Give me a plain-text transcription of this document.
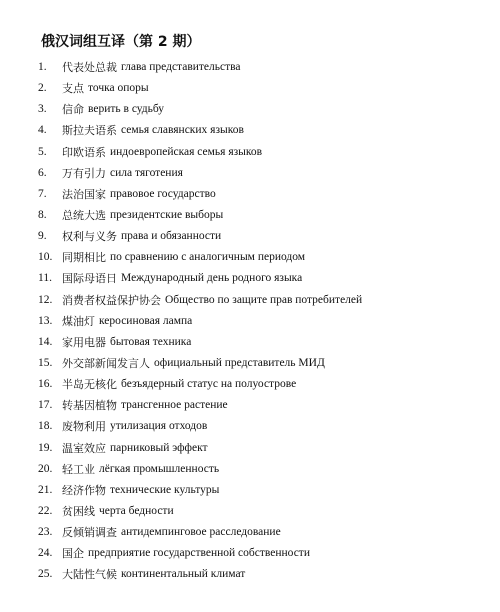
俄汉词组互译（第 2 期）
1.	代表处总裁 глава представительства
2.	支点 точка опоры
3.	信命 верить в судьбу
4.	斯拉夫语系 семья славянских языков
5.	印欧语系 индоевропейская семья языков
6.	万有引力 сила тяготения
7.	法治国家 правовое государство
8.	总统大选 президентские выборы
9.	权利与义务 права и обязанности
10. 同期相比 по сравнению с аналогичным периодом
11. 国际母语日 Международный день родного языка
12. 消费者权益保护协会 Общество по защите прав потребителей
13. 煤油灯 керосиновая лампа
14. 家用电器 бытовая техника
15. 外交部新闻发言人 официальный представитель МИД
16. 半岛无核化 безъядерный статус на полуострове
17. 转基因植物 трансгенное растение
18. 废物利用 утилизация отходов
19. 温室效应 парниковый эффект
20. 轻工业 лёгкая промышленность
21. 经济作物 технические культуры
22. 贫困线 черта бедности
23. 反倾销调查 антидемпинговое расследование
24. 国企 предприятие государственной собственности
25. 大陆性气候 континентальный климат
